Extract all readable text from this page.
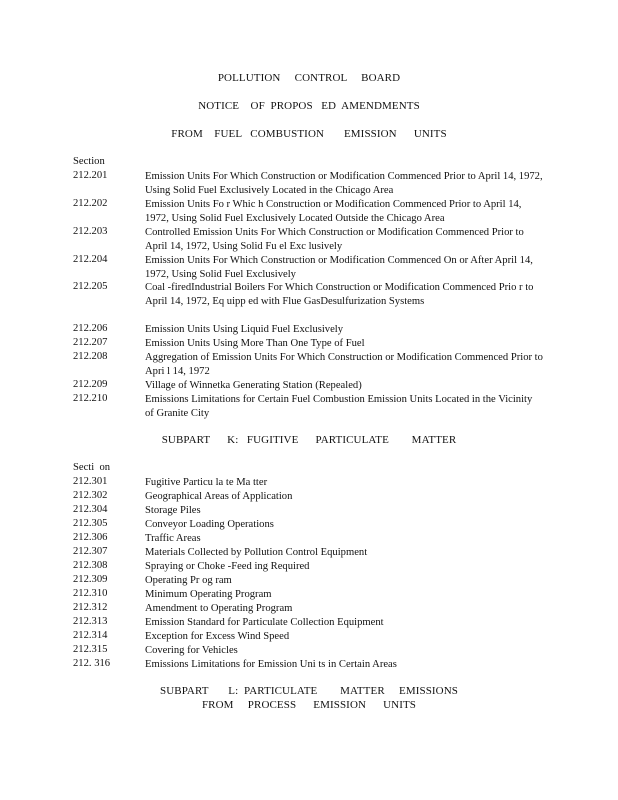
POLLUTION     CONTROL     BOARD
NOTICE    OF  PROPOS   ED  AMENDMENTS
FROM    FUEL   COMBUSTION       EMISSION      UNITS
Section
212.201	Emission Units For Which Construction or Modification Commenced Prior to April 14, 1972, Using Solid Fuel Exclusively Located in the Chicago Area
212.202	Emission Units Fo r Whic h Construction or Modification Commenced Prior to April 14, 1972, Using Solid Fuel Exclusively Located Outside the Chicago Area
212.203	Controlled Emission Units For Which Construction or Modification Commenced Prior to April 14, 1972, Using Solid Fu el Exc lusively
212.204	Emission Units For Which Construction or Modification Commenced On or After April 14, 1972, Using Solid Fuel Exclusively
212.205	Coal -firedIndustrial Boilers For Which Construction or Modification Commenced Prio r to April 14, 1972, Eq uipp ed with Flue GasDesulfurization Systems
212.206	Emission Units Using Liquid Fuel Exclusively
212.207	Emission Units Using More Than One Type of Fuel
212.208	Aggregation of Emission Units For Which Construction or Modification Commenced Prior to Apri l 14, 1972
212.209	Village of Winnetka Generating Station (Repealed)
212.210	Emissions Limitations for Certain Fuel Combustion Emission Units Located in the Vicinity of Granite City
SUBPART      K:   FUGITIVE      PARTICULATE        MATTER
Secti  on
212.301	Fugitive Particu la te Ma tter
212.302	Geographical Areas of Application
212.304	Storage Piles
212.305	Conveyor Loading Operations
212.306	Traffic Areas
212.307	Materials Collected by Pollution Control Equipment
212.308	Spraying or Choke -Feed ing Required
212.309	Operating Pr og ram
212.310	Minimum Operating Program
212.312	Amendment to Operating Program
212.313	Emission Standard for Particulate Collection Equipment
212.314	Exception for Excess Wind Speed
212.315	Covering for Vehicles
212. 316	Emissions Limitations for Emission Uni ts in Certain Areas
SUBPART       L:  PARTICULATE        MATTER     EMISSIONS
FROM     PROCESS      EMISSION      UNITS
